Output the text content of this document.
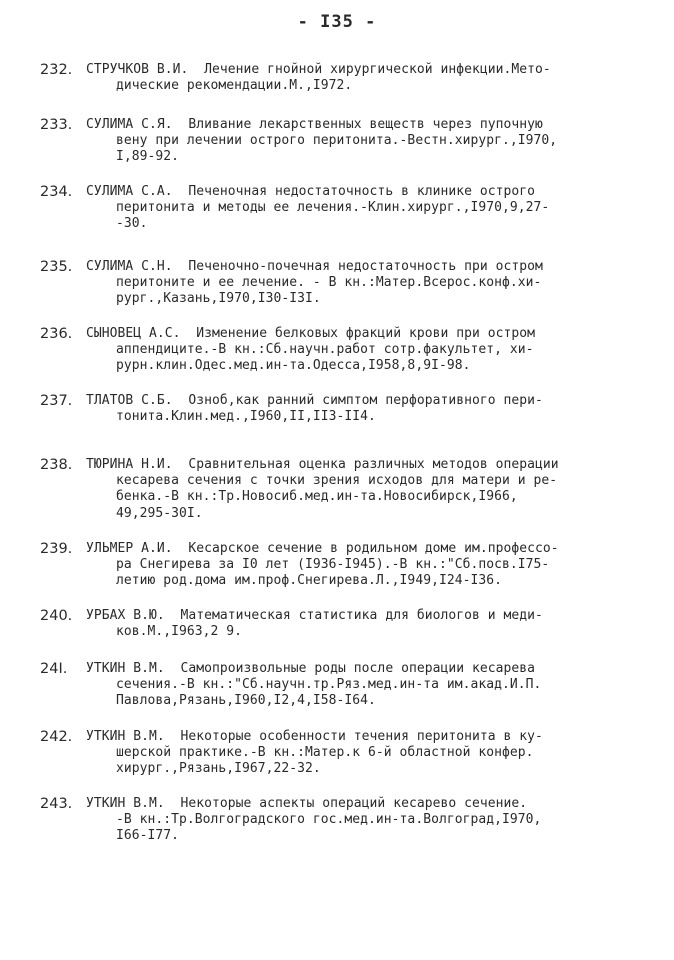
- I35 -
232.	СТРУЧКОВ В.И.  Лечение гнойной хирургической инфекции.Мето-
дические рекомендации.М.,I972.
233.	СУЛИМА С.Я.  Вливание лекарственных веществ через пупочную
вену при лечении острого перитонита.-Вестн.хирург.,I970,
I,89-92.
234.	СУЛИМА С.А.  Печеночная недостаточность в клинике острого
перитонита и методы ее лечения.-Клин.хирург.,I970,9,27-
-30.
235.	СУЛИМА С.Н.  Печеночно-почечная недостаточность при остром
перитоните и ее лечение. - В кн.:Матер.Всерос.конф.хи-
рург.,Казань,I970,I30-I3I.
236.	СЫНОВЕЦ А.С.  Изменение белковых фракций крови при остром
аппендиците.-В кн.:Сб.научн.работ сотр.факультет, хи-
рурн.клин.Одес.мед.ин-та.Одесса,I958,8,9I-98.
237.	ТЛАТОВ С.Б.  Озноб,как ранний симптом перфоративного пери-
тонита.Клин.мед.,I960,II,II3-II4.
238.	ТЮРИНА Н.И.  Сравнительная оценка различных методов операции
кесарева сечения с точки зрения исходов для матери и ре-
бенка.-В кн.:Тр.Новосиб.мед.ин-та.Новосибирск,I966,
49,295-30I.
239.	УЛЬМЕР А.И.  Кесарское сечение в родильном доме им.профессо-
ра Снегирева за I0 лет (I936-I945).-В кн.:"Сб.посв.I75-
летию род.дома им.проф.Снегирева.Л.,I949,I24-I36.
240.	УРБАХ В.Ю.  Математическая статистика для биологов и меди-
ков.М.,I963,2 9.
24I.	УТКИН В.М.  Самопроизвольные роды после операции кесарева
сечения.-В кн.:"Сб.научн.тр.Ряз.мед.ин-та им.акад.И.П.
Павлова,Рязань,I960,I2,4,I58-I64.
242.	УТКИН В.М.  Некоторые особенности течения перитонита в ку-
шерской практике.-В кн.:Матер.к 6-й областной конфер.
хирург.,Рязань,I967,22-32.
243.	УТКИН В.М.  Некоторые аспекты операций кесарево сечение.
-В кн.:Тр.Волгоградского гос.мед.ин-та.Волгоград,I970,
I66-I77.
